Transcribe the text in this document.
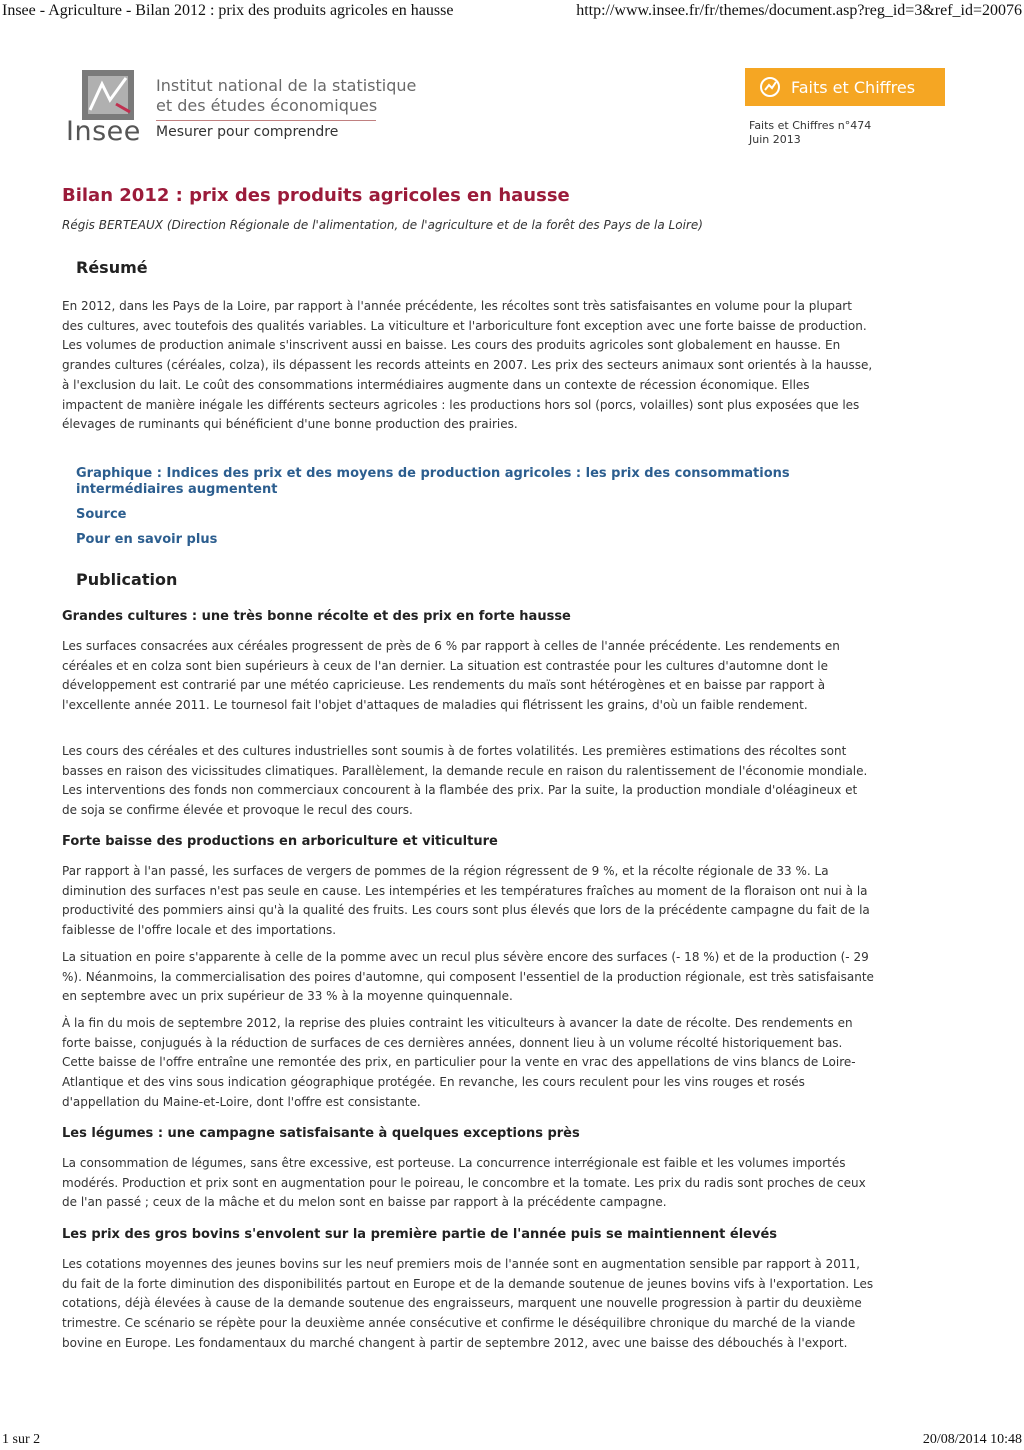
Insee - Agriculture - Bilan 2012 : prix des produits agricoles en hausse	http://www.insee.fr/fr/themes/document.asp?reg_id=3&ref_id=20076
Insee
Institut national de la statistique
et des études économiques
Mesurer pour comprendre
Faits et Chiffres
Faits et Chiffres n°474
Juin 2013
Bilan 2012 : prix des produits agricoles en hausse
Régis BERTEAUX (Direction Régionale de l'alimentation, de l'agriculture et de la forêt des Pays de la Loire)
Résumé

En 2012, dans les Pays de la Loire, par rapport à l'année précédente, les récoltes sont très satisfaisantes en volume pour la plupart des cultures, avec toutefois des qualités variables. La viticulture et l'arboriculture font exception avec une forte baisse de production. Les volumes de production animale s'inscrivent aussi en baisse. Les cours des produits agricoles sont globalement en hausse. En grandes cultures (céréales, colza), ils dépassent les records atteints en 2007. Les prix des secteurs animaux sont orientés à la hausse, à l'exclusion du lait. Le coût des consommations intermédiaires augmente dans un contexte de récession économique. Elles impactent de manière inégale les différents secteurs agricoles : les productions hors sol (porcs, volailles) sont plus exposées que les élevages de ruminants qui bénéficient d'une bonne production des prairies.

Graphique : Indices des prix et des moyens de production agricoles : les prix des consommations intermédiaires augmentent
Source
Pour en savoir plus
Publication
Grandes cultures : une très bonne récolte et des prix en forte hausse

Les surfaces consacrées aux céréales progressent de près de 6 % par rapport à celles de l'année précédente. Les rendements en céréales et en colza sont bien supérieurs à ceux de l'an dernier. La situation est contrastée pour les cultures d'automne dont le développement est contrarié par une météo capricieuse. Les rendements du maïs sont hétérogènes et en baisse par rapport à l'excellente année 2011. Le tournesol fait l'objet d'attaques de maladies qui flétrissent les grains, d'où un faible rendement.

Les cours des céréales et des cultures industrielles sont soumis à de fortes volatilités. Les premières estimations des récoltes sont basses en raison des vicissitudes climatiques. Parallèlement, la demande recule en raison du ralentissement de l'économie mondiale. Les interventions des fonds non commerciaux concourent à la flambée des prix. Par la suite, la production mondiale d'oléagineux et de soja se confirme élevée et provoque le recul des cours.

Forte baisse des productions en arboriculture et viticulture

Par rapport à l'an passé, les surfaces de vergers de pommes de la région régressent de 9 %, et la récolte régionale de 33 %. La diminution des surfaces n'est pas seule en cause. Les intempéries et les températures fraîches au moment de la floraison ont nui à la productivité des pommiers ainsi qu'à la qualité des fruits. Les cours sont plus élevés que lors de la précédente campagne du fait de la faiblesse de l'offre locale et des importations.

La situation en poire s'apparente à celle de la pomme avec un recul plus sévère encore des surfaces (- 18 %) et de la production (- 29 %). Néanmoins, la commercialisation des poires d'automne, qui composent l'essentiel de la production régionale, est très satisfaisante en septembre avec un prix supérieur de 33 % à la moyenne quinquennale.

À la fin du mois de septembre 2012, la reprise des pluies contraint les viticulteurs à avancer la date de récolte. Des rendements en forte baisse, conjugués à la réduction de surfaces de ces dernières années, donnent lieu à un volume récolté historiquement bas. Cette baisse de l'offre entraîne une remontée des prix, en particulier pour la vente en vrac des appellations de vins blancs de Loire-Atlantique et des vins sous indication géographique protégée. En revanche, les cours reculent pour les vins rouges et rosés d'appellation du Maine-et-Loire, dont l'offre est consistante.

Les légumes : une campagne satisfaisante à quelques exceptions près

La consommation de légumes, sans être excessive, est porteuse. La concurrence interrégionale est faible et les volumes importés modérés. Production et prix sont en augmentation pour le poireau, le concombre et la tomate. Les prix du radis sont proches de ceux de l'an passé ; ceux de la mâche et du melon sont en baisse par rapport à la précédente campagne.

Les prix des gros bovins s'envolent sur la première partie de l'année puis se maintiennent élevés

Les cotations moyennes des jeunes bovins sur les neuf premiers mois de l'année sont en augmentation sensible par rapport à 2011, du fait de la forte diminution des disponibilités partout en Europe et de la demande soutenue de jeunes bovins vifs à l'exportation. Les cotations, déjà élevées à cause de la demande soutenue des engraisseurs, marquent une nouvelle progression à partir du deuxième trimestre. Ce scénario se répète pour la deuxième année consécutive et confirme le déséquilibre chronique du marché de la viande bovine en Europe. Les fondamentaux du marché changent à partir de septembre 2012, avec une baisse des débouchés à l'export.

1 sur 2	20/08/2014 10:48
